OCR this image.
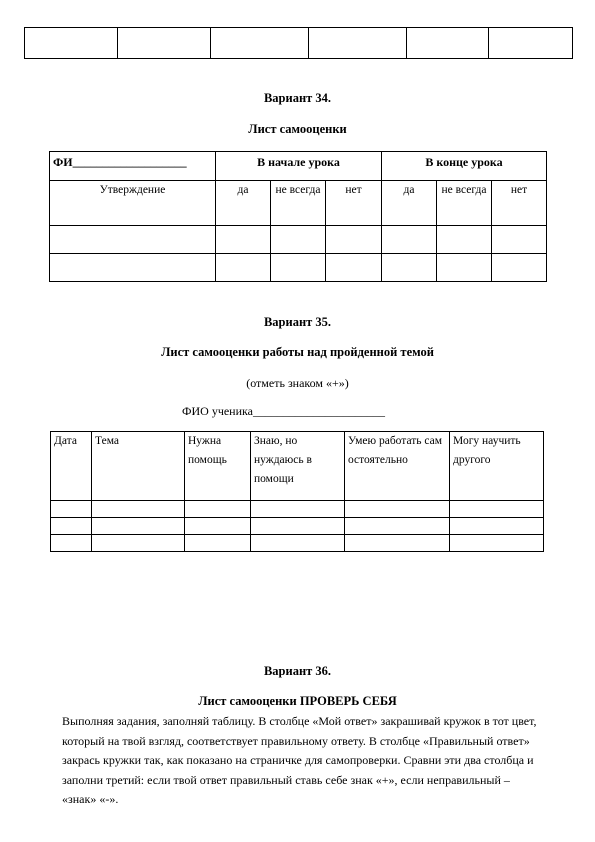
Вариант 34.
Лист самооценки
ФИ___________________	В начале урока			В конце урока		
Утверждение	да	не всегда	нет	да	не всегда	нет

Вариант 35.
Лист самооценки работы над пройденной темой
(отметь знаком «+»)
ФИО ученика______________________
Дата	Тема	Нужна помощь	Знаю, но нуждаюсь в помощи	Умею работать самостоятельно	Могу научить другого

Вариант 36.
Лист самооценки ПРОВЕРЬ СЕБЯ

Выполняя задания, заполняй таблицу. В столбце «Мой ответ» закрашивай кружок в тот цвет, который на твой взгляд, соответствует правильному ответу. В столбце «Правильный ответ» закрась кружки так, как показано на страничке для самопроверки. Сравни эти два столбца и заполни третий: если твой ответ правильный ставь себе знак «+», если неправильный – «знак» «-».
